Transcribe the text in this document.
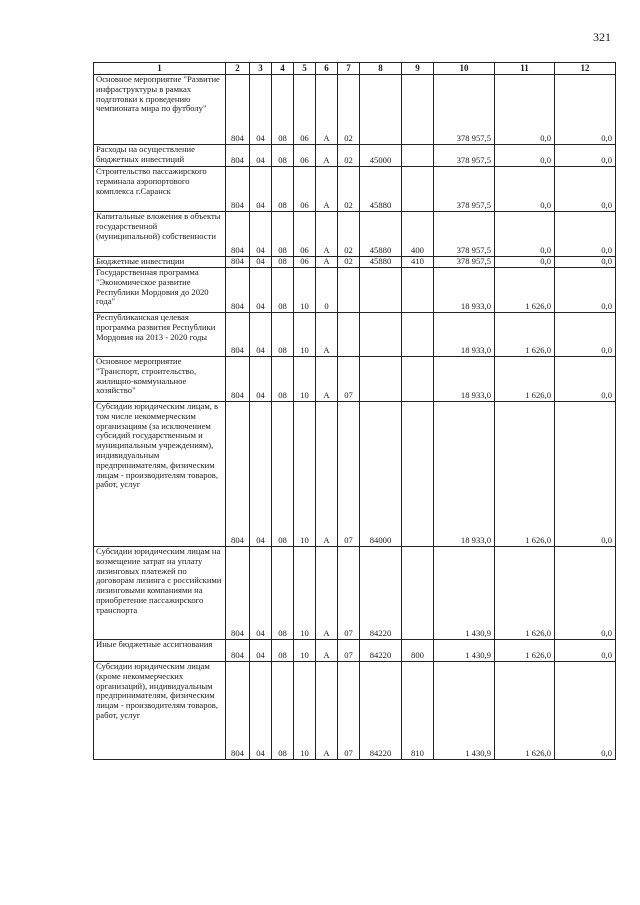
321
1	2	3	4	5	6	7	8	9	10	11	12
Основное мероприятие "Развитие инфраструктуры в рамках подготовки к проведению чемпионата мира по футболу"	804	04	08	06	А	02			378 957,5	0,0	0,0
Расходы на осуществление бюджетных инвестиций	804	04	08	06	А	02	45000		378 957,5	0,0	0,0
Строительство пассажирского терминала аэропортового комплекса г.Саранск	804	04	08	06	А	02	45880		378 957,5	0,0	0,0
Капитальные вложения в объекты государственной (муниципальной) собственности	804	04	08	06	А	02	45880	400	378 957,5	0,0	0,0
Бюджетные инвестиции	804	04	08	06	А	02	45880	410	378 957,5	0,0	0,0
Государственная программа "Экономическое развитие Республики Мордовия до 2020 года"	804	04	08	10	0				18 933,0	1 626,0	0,0
Республиканская целевая программа развития Республики Мордовия на 2013 - 2020 годы	804	04	08	10	А				18 933,0	1 626,0	0,0
Основное мероприятие "Транспорт, строительство, жилищно-коммунальное хозяйство"	804	04	08	10	А	07			18 933,0	1 626,0	0,0
Субсидии юридическим лицам, в том числе некоммерческим организациям (за исключением субсидий государственным и муниципальным учреждениям), индивидуальным предпринимателям, физическим лицам - производителям товаров, работ, услуг	804	04	08	10	А	07	84000		18 933,0	1 626,0	0,0
Субсидии юридическим лицам на возмещение затрат на уплату лизинговых платежей по договорам лизинга с российскими лизинговыми компаниями на приобретение пассажирского транспорта	804	04	08	10	А	07	84220		1 430,9	1 626,0	0,0
Иные бюджетные ассигнования	804	04	08	10	А	07	84220	800	1 430,9	1 626,0	0,0
Субсидии юридическим лицам (кроме некоммерческих организаций), индивидуальным предпринимателям, физическим лицам - производителям товаров, работ, услуг	804	04	08	10	А	07	84220	810	1 430,9	1 626,0	0,0
